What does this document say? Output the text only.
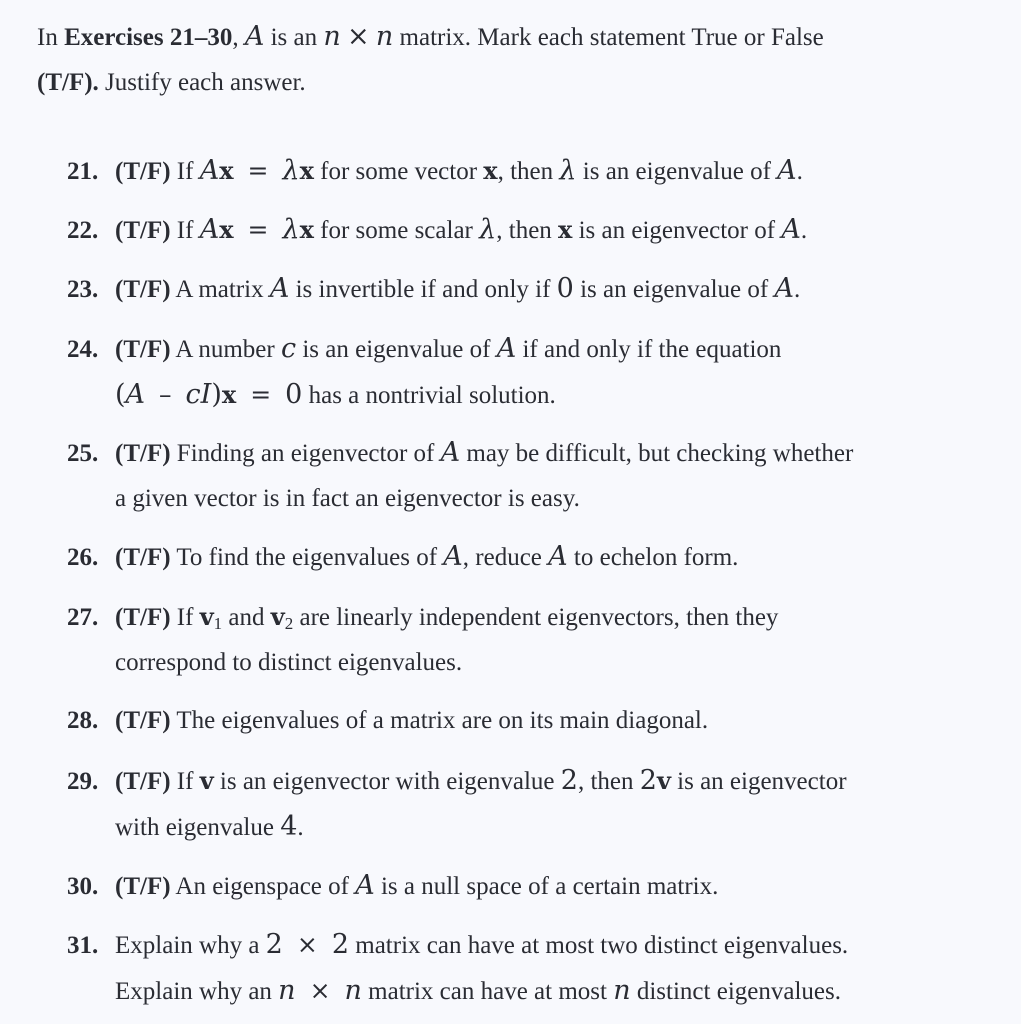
In Exercises 21–30, A is an n × n matrix. Mark each statement True or False
(T/F). Justify each answer.
21. (T/F) If Ax = λx for some vector x, then λ is an eigenvalue of A.
22. (T/F) If Ax = λx for some scalar λ, then x is an eigenvector of A.
23. (T/F) A matrix A is invertible if and only if 0 is an eigenvalue of A.
24. (T/F) A number c is an eigenvalue of A if and only if the equation
(A – cI)x = 0 has a nontrivial solution.
25. (T/F) Finding an eigenvector of A may be difficult, but checking whether
a given vector is in fact an eigenvector is easy.
26. (T/F) To find the eigenvalues of A, reduce A to echelon form.
27. (T/F) If $v_1$ and $v_2$ are linearly independent eigenvectors, then they
correspond to distinct eigenvalues.
28. (T/F) The eigenvalues of a matrix are on its main diagonal.
29. (T/F) If v is an eigenvector with eigenvalue 2, then 2v is an eigenvector
with eigenvalue 4.
30. (T/F) An eigenspace of A is a null space of a certain matrix.
31. Explain why a 2 × 2 matrix can have at most two distinct eigenvalues.
Explain why an n × n matrix can have at most n distinct eigenvalues.
